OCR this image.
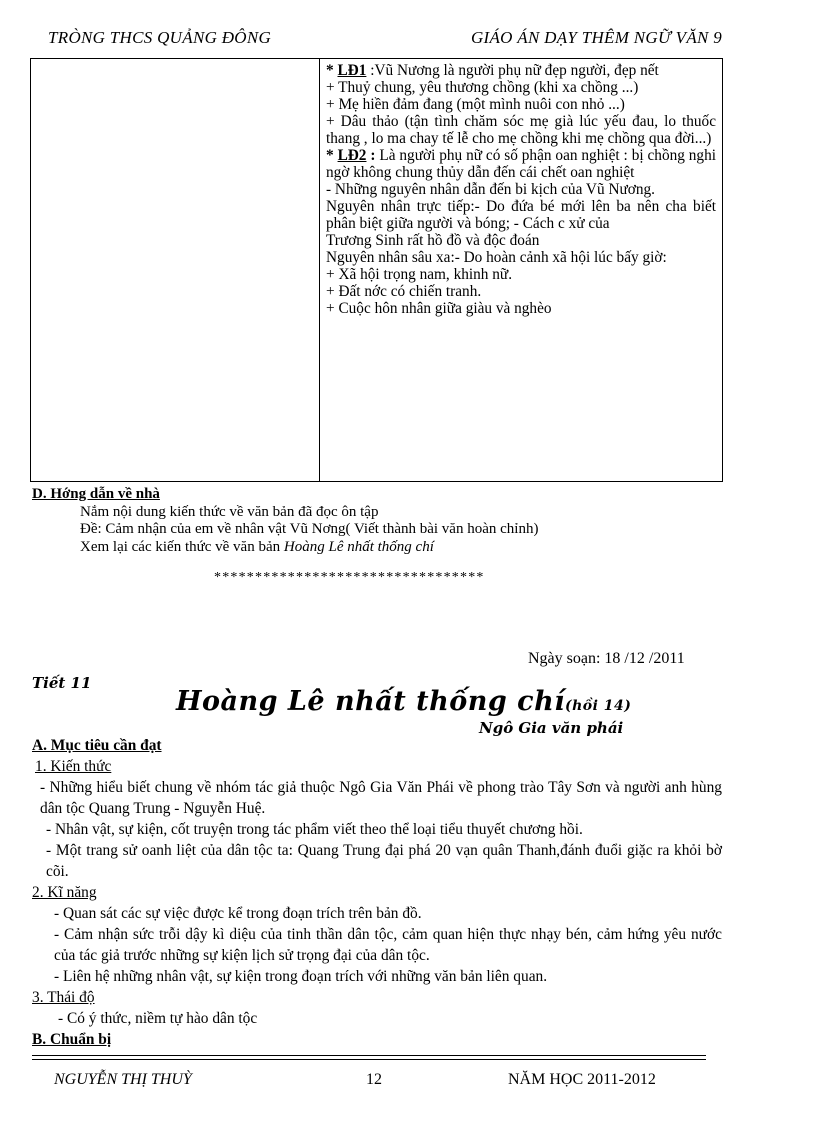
TRÒNG THCS QUẢNG ĐÔNG	GIÁO ÁN DẠY THÊM NGỮ VĂN 9

* LĐ1 :Vũ Nương là người phụ nữ đẹp người, đẹp nết

+ Thuỷ chung, yêu thương chồng (khi xa chồng ...)

+ Mẹ hiền đảm đang (một mình nuôi con nhỏ ...)

+ Dâu thảo (tận tình chăm sóc mẹ già lúc yếu đau, lo thuốc thang , lo ma chay tế lễ cho mẹ chồng khi mẹ chồng qua đời...)

* LĐ2 : Là người phụ nữ có số phận oan nghiệt : bị chồng nghi ngờ không chung thủy dẫn đến cái chết oan nghiệt

- Những nguyên nhân dẫn đến bi kịch của Vũ Nương.

Nguyên nhân trực tiếp:- Do đứa bé mới lên ba nên cha biết phân biệt giữa người và bóng; - Cách c xử của

Trương Sinh rất hồ đồ và độc đoán

Nguyên nhân sâu xa:- Do hoàn cảnh xã hội lúc bấy giờ:

+ Xã hội trọng nam, khinh nữ.

+ Đất nớc có chiến tranh.

+ Cuộc hôn nhân giữa giàu và nghèo

D. Hớng dẫn về nhà
Nắm nội dung kiến thức về văn bản đã đọc ôn tập
Đề: Cảm nhận của em về nhân vật Vũ Nơng( Viết thành bài văn hoàn chỉnh)
Xem lại các kiến thức về văn bản Hoàng Lê nhất thống chí
*********************************
Ngày soạn: 18 /12 /2011
Tiết 11
Hoàng Lê nhất thống chí(hồi 14)
Ngô Gia văn phái
A. Mục tiêu cần đạt
1. Kiến thức

- Những hiểu biết chung về nhóm tác giả thuộc Ngô Gia Văn Phái về phong trào Tây Sơn và người anh hùng dân tộc Quang Trung - Nguyễn Huệ.

- Nhân vật, sự kiện, cốt truyện trong tác phẩm viết theo thể loại tiểu thuyết chương hồi.

- Một trang sử oanh liệt của dân tộc ta: Quang Trung đại phá 20 vạn quân Thanh,đánh đuổi giặc ra khỏi bờ cõi.

2. Kĩ năng

- Quan sát các sự việc được kể trong đoạn trích trên bản đồ.

- Cảm nhận sức trỗi dậy kì diệu của tinh thần dân tộc, cảm quan hiện thực nhạy bén, cảm hứng yêu nước của tác giả trước những sự kiện lịch sử trọng đại của dân tộc.

- Liên hệ những nhân vật, sự kiện trong đoạn trích với những văn bản liên quan.

3. Thái độ

- Có ý thức, niềm tự hào dân tộc

B. Chuẩn bị
NGUYỄN THỊ THUỲ	12	NĂM HỌC 2011-2012
